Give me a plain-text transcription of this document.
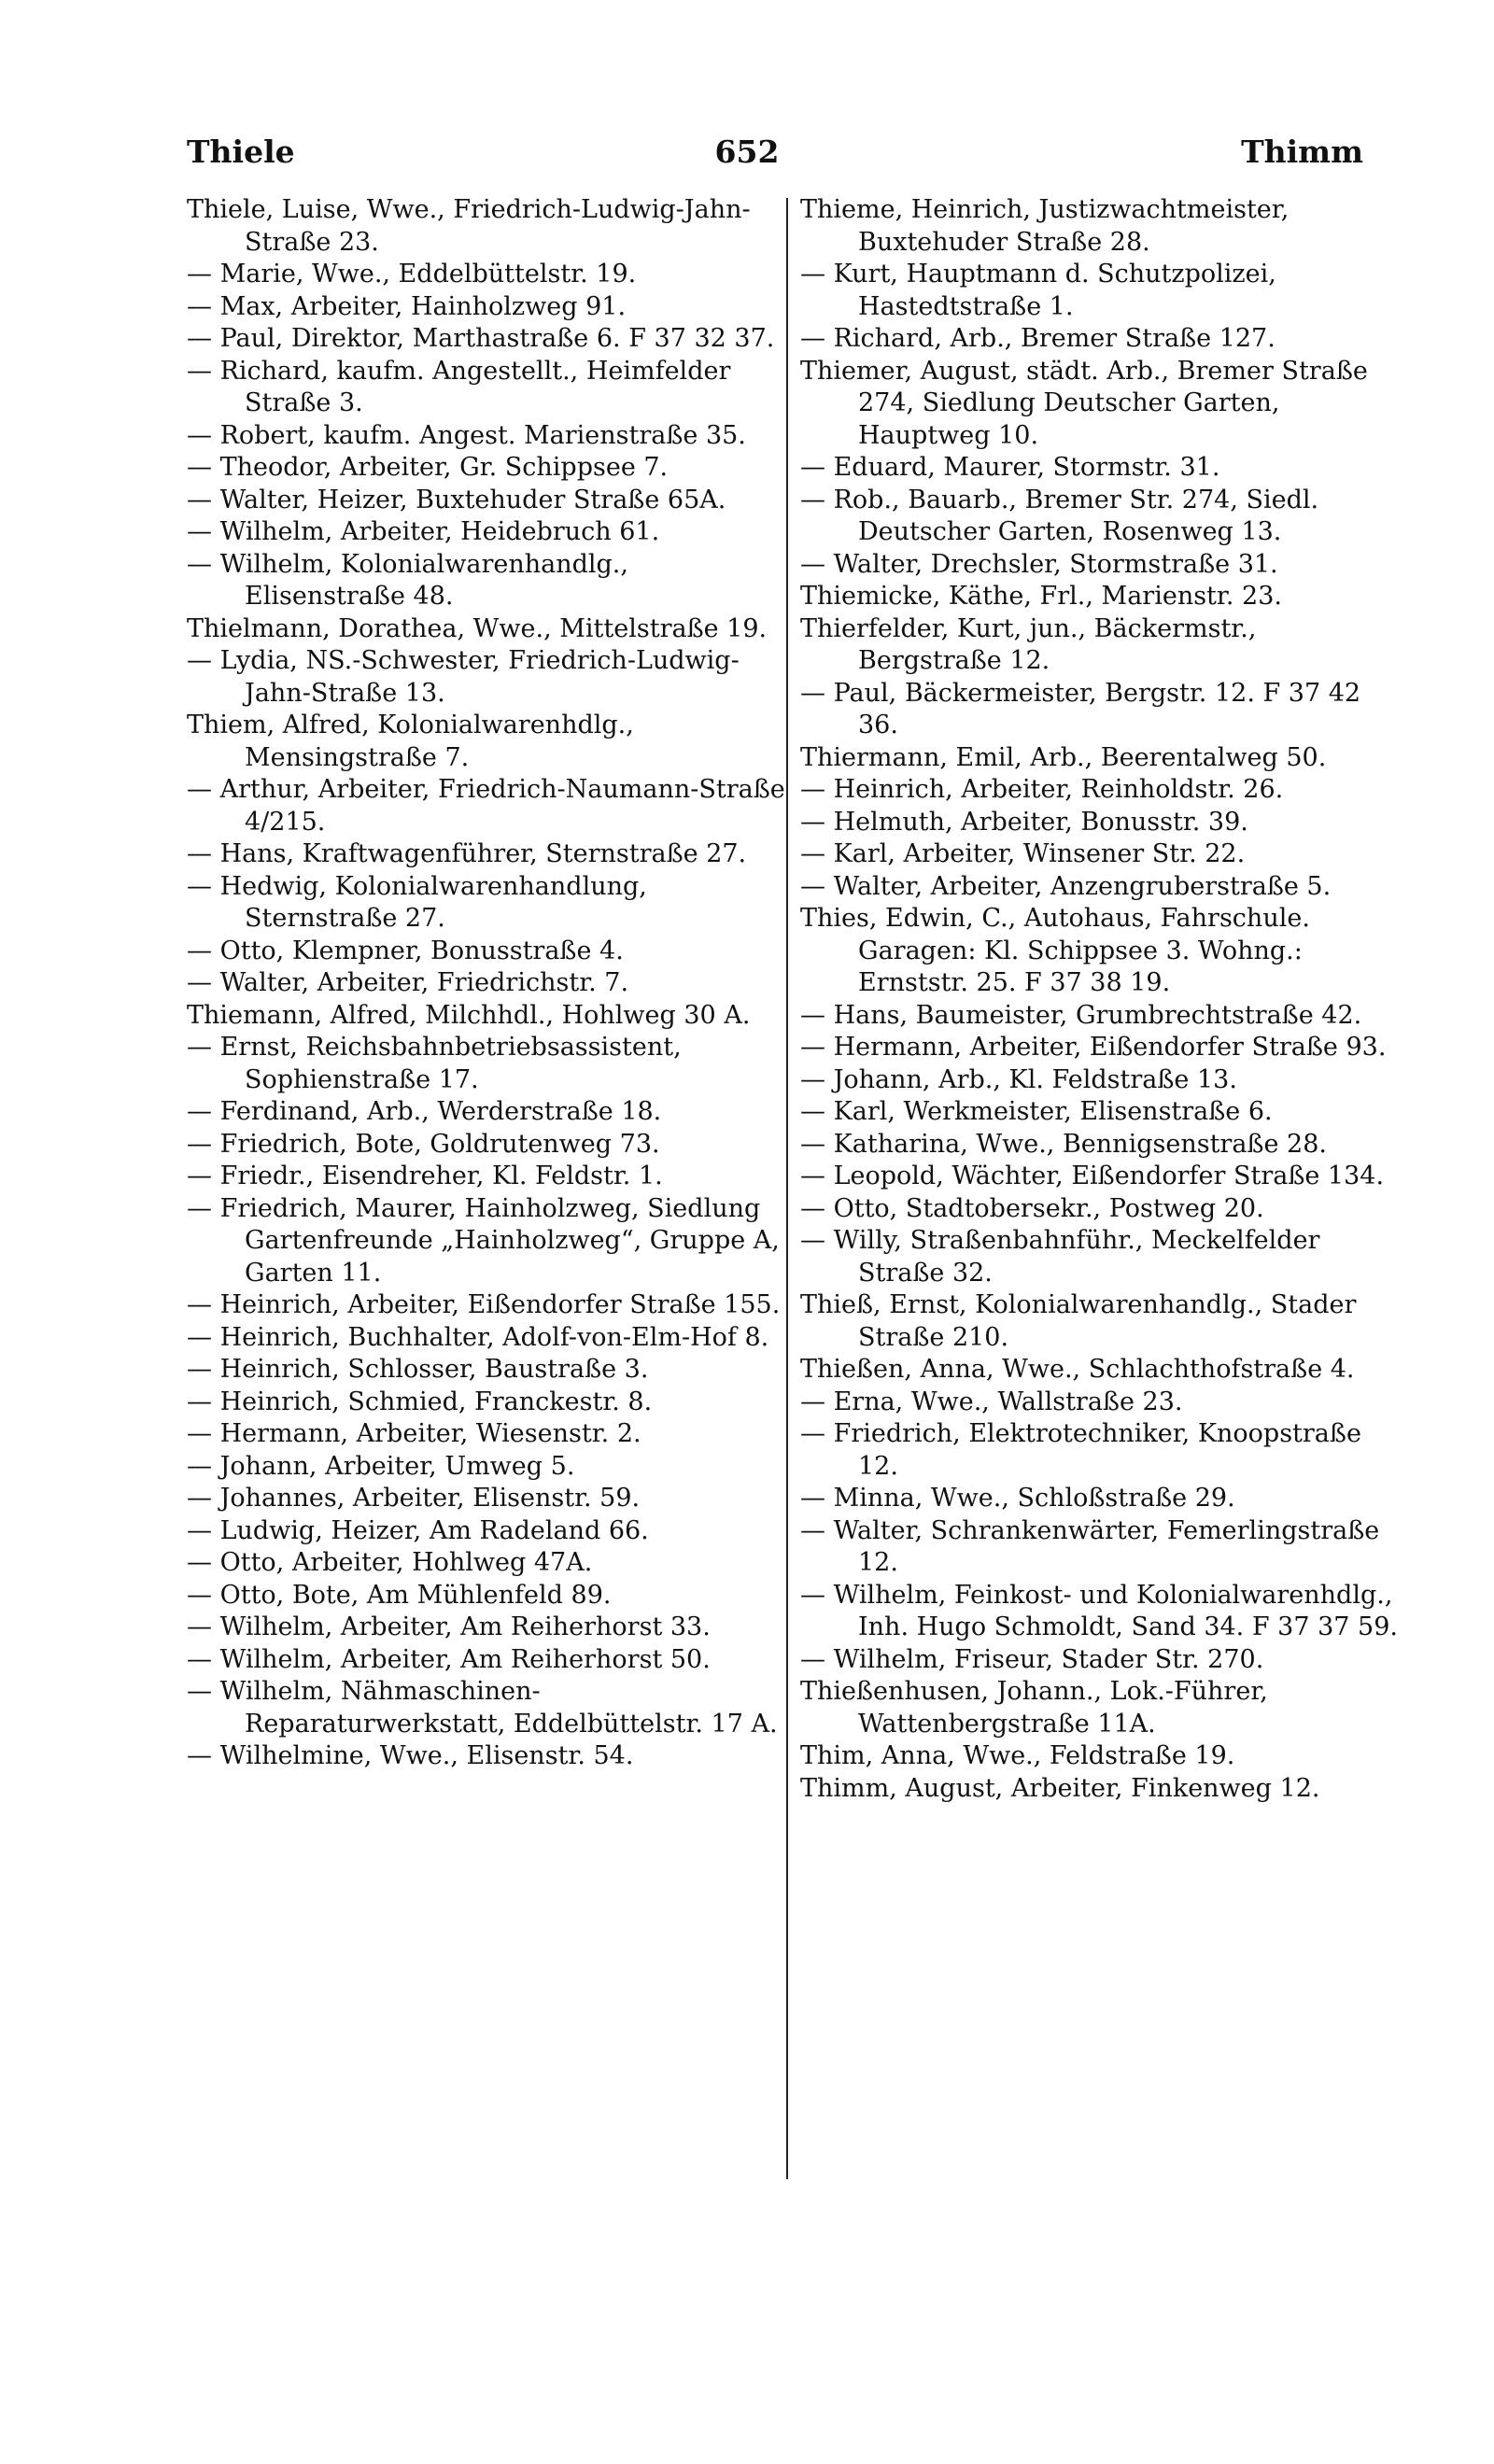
Thiele	652	Thimm

Thiele, Luise, Wwe., Friedrich-Ludwig-Jahn-Straße 23.

— Marie, Wwe., Eddelbüttelstr. 19.

— Max, Arbeiter, Hainholzweg 91.

— Paul, Direktor, Marthastraße 6. F 37 32 37.

— Richard, kaufm. Angestellt., Heimfelder Straße 3.

— Robert, kaufm. Angest. Marienstraße 35.

— Theodor, Arbeiter, Gr. Schippsee 7.

— Walter, Heizer, Buxtehuder Straße 65A.

— Wilhelm, Arbeiter, Heidebruch 61.

— Wilhelm, Kolonialwarenhandlg., Elisenstraße 48.

Thielmann, Dorathea, Wwe., Mittelstraße 19.

— Lydia, NS.-Schwester, Friedrich-Ludwig-Jahn-Straße 13.

Thiem, Alfred, Kolonialwarenhdlg., Mensingstraße 7.

— Arthur, Arbeiter, Friedrich-Naumann-Straße 4/215.

— Hans, Kraftwagenführer, Sternstraße 27.

— Hedwig, Kolonialwarenhandlung, Sternstraße 27.

— Otto, Klempner, Bonusstraße 4.

— Walter, Arbeiter, Friedrichstr. 7.

Thiemann, Alfred, Milchhdl., Hohlweg 30 A.

— Ernst, Reichsbahnbetriebsassistent, Sophienstraße 17.

— Ferdinand, Arb., Werderstraße 18.

— Friedrich, Bote, Goldrutenweg 73.

— Friedr., Eisendreher, Kl. Feldstr. 1.

— Friedrich, Maurer, Hainholzweg, Siedlung Gartenfreunde „Hainholzweg“, Gruppe A, Garten 11.

— Heinrich, Arbeiter, Eißendorfer Straße 155.

— Heinrich, Buchhalter, Adolf-von-Elm-Hof 8.

— Heinrich, Schlosser, Baustraße 3.

— Heinrich, Schmied, Franckestr. 8.

— Hermann, Arbeiter, Wiesenstr. 2.

— Johann, Arbeiter, Umweg 5.

— Johannes, Arbeiter, Elisenstr. 59.

— Ludwig, Heizer, Am Radeland 66.

— Otto, Arbeiter, Hohlweg 47A.

— Otto, Bote, Am Mühlenfeld 89.

— Wilhelm, Arbeiter, Am Reiherhorst 33.

— Wilhelm, Arbeiter, Am Reiherhorst 50.

— Wilhelm, Nähmaschinen-Reparaturwerkstatt, Eddelbüttelstr. 17 A.

— Wilhelmine, Wwe., Elisenstr. 54.

Thieme, Heinrich, Justizwachtmeister, Buxtehuder Straße 28.

— Kurt, Hauptmann d. Schutzpolizei, Hastedtstraße 1.

— Richard, Arb., Bremer Straße 127.

Thiemer, August, städt. Arb., Bremer Straße 274, Siedlung Deutscher Garten, Hauptweg 10.

— Eduard, Maurer, Stormstr. 31.

— Rob., Bauarb., Bremer Str. 274, Siedl. Deutscher Garten, Rosenweg 13.

— Walter, Drechsler, Stormstraße 31.

Thiemicke, Käthe, Frl., Marienstr. 23.

Thierfelder, Kurt, jun., Bäckermstr., Bergstraße 12.

— Paul, Bäckermeister, Bergstr. 12. F 37 42 36.

Thiermann, Emil, Arb., Beerentalweg 50.

— Heinrich, Arbeiter, Reinholdstr. 26.

— Helmuth, Arbeiter, Bonusstr. 39.

— Karl, Arbeiter, Winsener Str. 22.

— Walter, Arbeiter, Anzengruberstraße 5.

Thies, Edwin, C., Autohaus, Fahrschule. Garagen: Kl. Schippsee 3. Wohng.: Ernststr. 25. F 37 38 19.

— Hans, Baumeister, Grumbrechtstraße 42.

— Hermann, Arbeiter, Eißendorfer Straße 93.

— Johann, Arb., Kl. Feldstraße 13.

— Karl, Werkmeister, Elisenstraße 6.

— Katharina, Wwe., Bennigsenstraße 28.

— Leopold, Wächter, Eißendorfer Straße 134.

— Otto, Stadtobersekr., Postweg 20.

— Willy, Straßenbahnführ., Meckelfelder Straße 32.

Thieß, Ernst, Kolonialwarenhandlg., Stader Straße 210.

Thießen, Anna, Wwe., Schlachthofstraße 4.

— Erna, Wwe., Wallstraße 23.

— Friedrich, Elektrotechniker, Knoopstraße 12.

— Minna, Wwe., Schloßstraße 29.

— Walter, Schrankenwärter, Femerlingstraße 12.

— Wilhelm, Feinkost- und Kolonialwarenhdlg., Inh. Hugo Schmoldt, Sand 34. F 37 37 59.

— Wilhelm, Friseur, Stader Str. 270.

Thießenhusen, Johann., Lok.-Führer, Wattenbergstraße 11A.

Thim, Anna, Wwe., Feldstraße 19.

Thimm, August, Arbeiter, Finkenweg 12.
